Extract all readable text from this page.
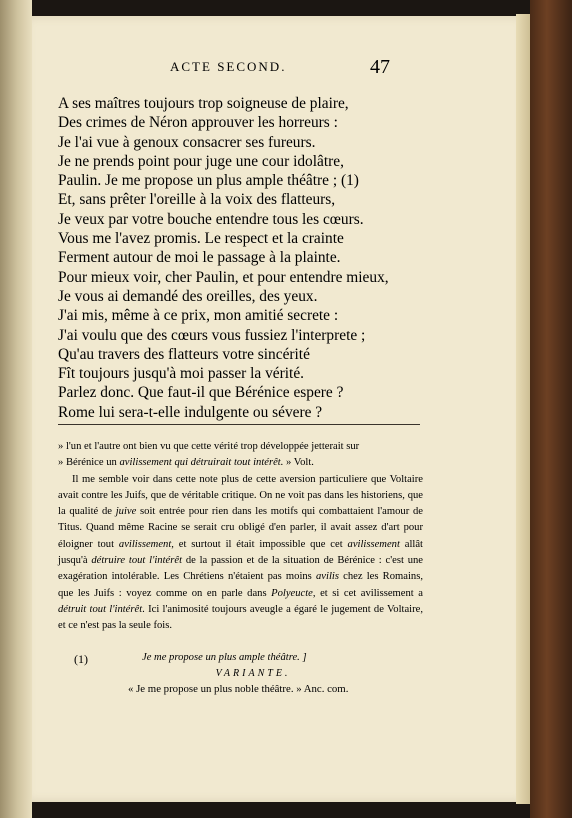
ACTE SECOND.	47
A ses maîtres toujours trop soigneuse de plaire,
Des crimes de Néron approuver les horreurs :
Je l'ai vue à genoux consacrer ses fureurs.
Je ne prends point pour juge une cour idolâtre,
Paulin. Je me propose un plus ample théâtre ; (1)
Et, sans prêter l'oreille à la voix des flatteurs,
Je veux par votre bouche entendre tous les cœurs.
Vous me l'avez promis. Le respect et la crainte
Ferment autour de moi le passage à la plainte.
Pour mieux voir, cher Paulin, et pour entendre mieux,
Je vous ai demandé des oreilles, des yeux.
J'ai mis, même à ce prix, mon amitié secrete :
J'ai voulu que des cœurs vous fussiez l'interprete ;
Qu'au travers des flatteurs votre sincérité
Fît toujours jusqu'à moi passer la vérité.
Parlez donc. Que faut-il que Bérénice espere ?
Rome lui sera-t-elle indulgente ou sévere ?

» l'un et l'autre ont bien vu que cette vérité trop développée jetterait sur

» Bérénice un avilissement qui détruirait tout intérêt. » Volt.

Il me semble voir dans cette note plus de cette aversion particuliere que Voltaire avait contre les Juifs, que de véritable critique. On ne voit pas dans les historiens, que la qualité de juive soit entrée pour rien dans les motifs qui combattaient l'amour de Titus. Quand même Racine se serait cru obligé d'en parler, il avait assez d'art pour éloigner tout avilissement, et surtout il était impossible que cet avilissement allât jusqu'à détruire tout l'intérêt de la passion et de la situation de Bérénice : c'est une exagération intolérable. Les Chrétiens n'étaient pas moins avilis chez les Romains, que les Juifs : voyez comme on en parle dans Polyeucte, et si cet avilissement a détruit tout l'intérêt. Ici l'animosité toujours aveugle a égaré le jugement de Voltaire, et ce n'est pas la seule fois.

(1)	Je me propose un plus ample théâtre. ]
VARIANTE.
« Je me propose un plus noble théâtre. » Anc. com.
